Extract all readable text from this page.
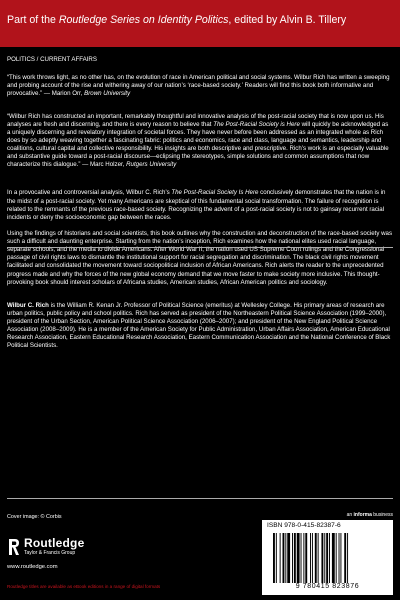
Part of the Routledge Series on Identity Politics, edited by Alvin B. Tillery
POLITICS / CURRENT AFFAIRS
“This work throws light, as no other has, on the evolution of race in American political and social systems. Wilbur Rich has written a sweeping and probing account of the rise and withering away of our nation’s ‘race-based society.’ Readers will find this book both informative and provocative.” — Marion Orr, Brown University
“Wilbur Rich has constructed an important, remarkably thoughtful and innovative analysis of the post-racial society that is now upon us. His analyses are fresh and discerning, and there is every reason to believe that The Post-Racial Society is Here will quickly be acknowledged as a uniquely discerning and revelatory integration of societal forces. They have never before been addressed as an integrated whole as Rich does by so adeptly weaving together a fascinating fabric: politics and economics, race and class, language and semantics, leadership and coalitions, cultural capital and collective responsibility. His insights are both descriptive and prescriptive. Rich’s work is an especially valuable and substantive guide toward a post-racial discourse—eclipsing the stereotypes, simple solutions and common assumptions that now characterize this dialogue.” — Marc Holzer, Rutgers University
In a provocative and controversial analysis, Wilbur C. Rich’s The Post-Racial Society Is Here conclusively demonstrates that the nation is in the midst of a post-racial society. Yet many Americans are skeptical of this fundamental social transformation. The failure of recognition is related to the remnants of the previous race-based society. Recognizing the advent of a post-racial society is not to gainsay recurrent racial incidents or deny the socioeconomic gap between the races.
Using the findings of historians and social scientists, this book outlines why the construction and deconstruction of the race-based society was such a difficult and daunting enterprise. Starting from the nation’s inception, Rich examines how the national elites used racial language, separate schools, and the media to divide Americans. After World War II, the nation used US Supreme Court rulings and the Congressional passage of civil rights laws to dismantle the institutional support for racial segregation and discrimination. The black civil rights movement facilitated and consolidated the movement toward sociopolitical inclusion of African Americans. Rich alerts the reader to the unprecedented progress made and why the forces of the new global economy demand that we move faster to make society more inclusive. This thought-provoking book should interest scholars of Africana studies, American studies, African American politics and sociology.
Wilbur C. Rich is the William R. Kenan Jr. Professor of Political Science (emeritus) at Wellesley College. His primary areas of research are urban politics, public policy and school politics. Rich has served as president of the Northeastern Political Science Association (1999–2000), president of the Urban Section, American Political Science Association (2006–2007); and president of the New England Political Science Association (2008–2009). He is a member of the American Society for Public Administration, Urban Affairs Association, American Educational Research Association, Eastern Educational Research Association, Eastern Communication Association and the National Conference of Black Political Scientists.
Cover image: © Corbis
Routledge
Taylor & Francis Group
www.routledge.com
Routledge titles are available as eBook editions in a range of digital formats
an informa business
ISBN 978-0-415-82387-6
9 780415 823876
